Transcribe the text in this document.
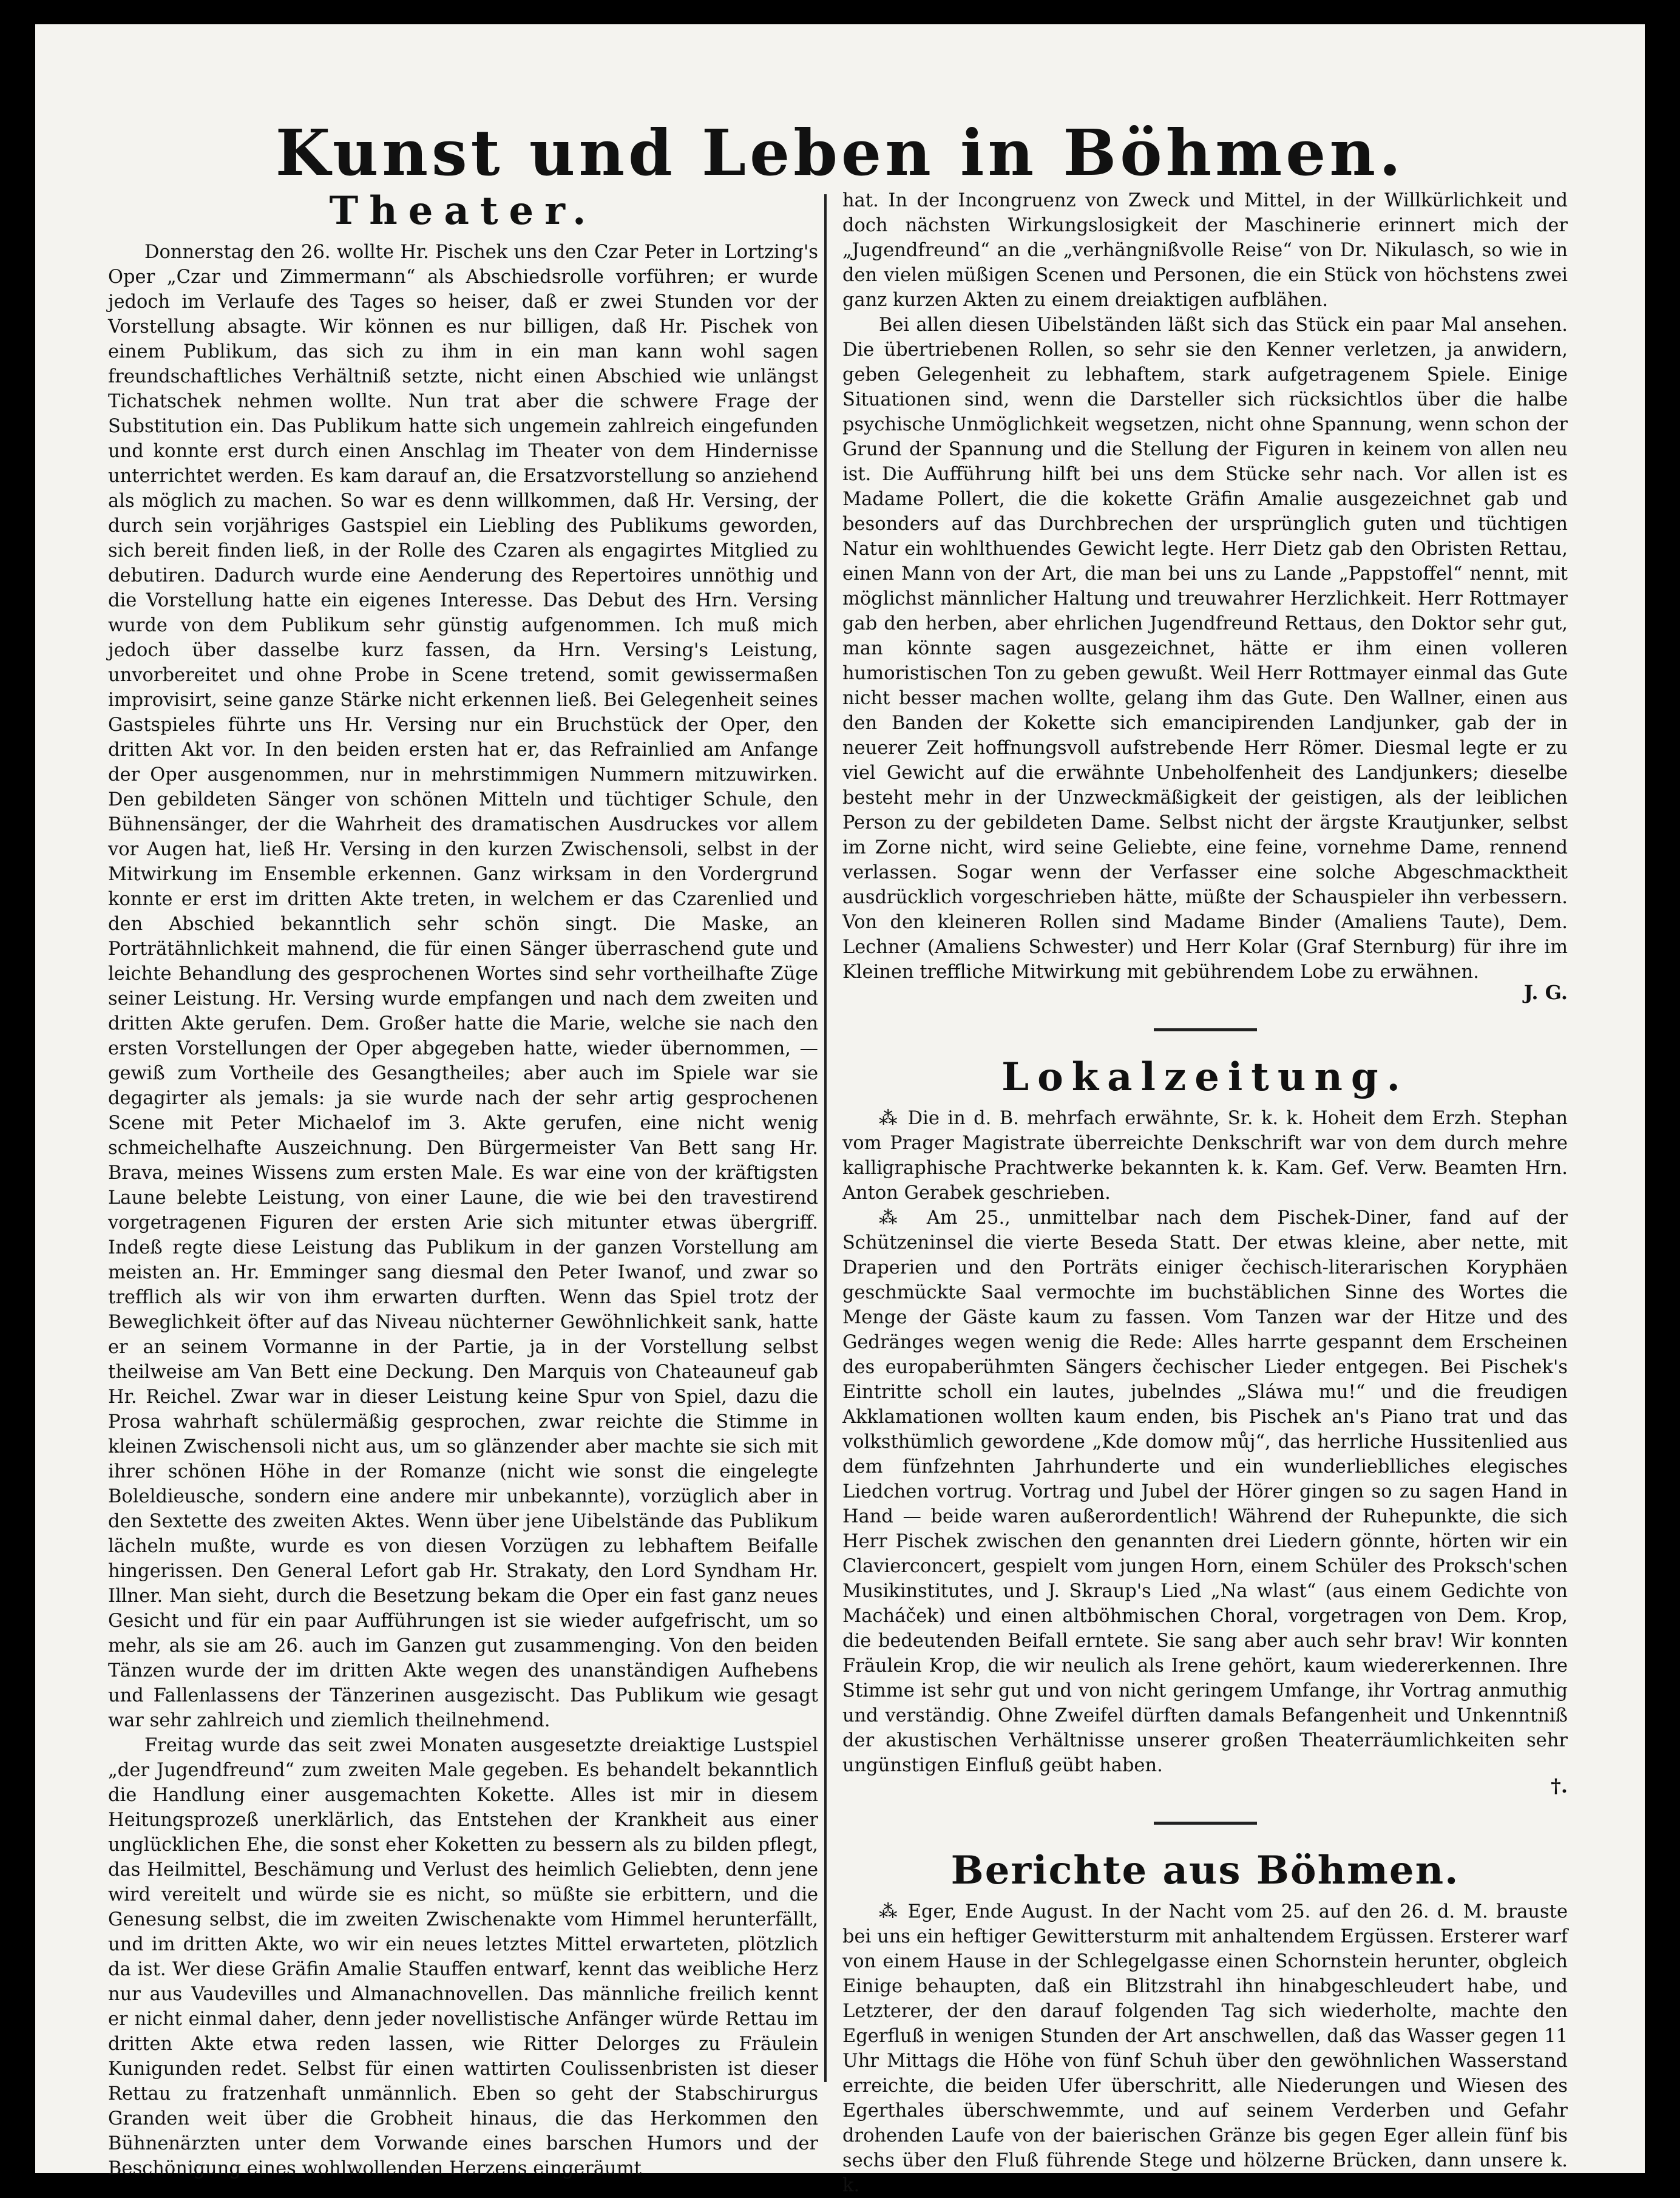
Kunst und Leben in Böhmen.
Theater.

Donnerstag den 26. wollte Hr. Pischek uns den Czar Peter in Lortzing's Oper „Czar und Zimmermann“ als Abschiedsrolle vorführen; er wurde jedoch im Verlaufe des Tages so heiser, daß er zwei Stunden vor der Vorstellung absagte. Wir können es nur billigen, daß Hr. Pischek von einem Publikum, das sich zu ihm in ein man kann wohl sagen freundschaftliches Verhältniß setzte, nicht einen Abschied wie unlängst Tichatschek nehmen wollte. Nun trat aber die schwere Frage der Substitution ein. Das Publikum hatte sich ungemein zahlreich eingefunden und konnte erst durch einen Anschlag im Theater von dem Hindernisse unterrichtet werden. Es kam darauf an, die Ersatzvorstellung so anziehend als möglich zu machen. So war es denn willkommen, daß Hr. Versing, der durch sein vorjähriges Gastspiel ein Liebling des Publikums geworden, sich bereit finden ließ, in der Rolle des Czaren als engagirtes Mitglied zu debutiren. Dadurch wurde eine Aenderung des Repertoires unnöthig und die Vorstellung hatte ein eigenes Interesse. Das Debut des Hrn. Versing wurde von dem Publikum sehr günstig aufgenommen. Ich muß mich jedoch über dasselbe kurz fassen, da Hrn. Versing's Leistung, unvorbereitet und ohne Probe in Scene tretend, somit gewissermaßen improvisirt, seine ganze Stärke nicht erkennen ließ. Bei Gelegenheit seines Gastspieles führte uns Hr. Versing nur ein Bruchstück der Oper, den dritten Akt vor. In den beiden ersten hat er, das Refrainlied am Anfange der Oper ausgenommen, nur in mehrstimmigen Nummern mitzuwirken. Den gebildeten Sänger von schönen Mitteln und tüchtiger Schule, den Bühnensänger, der die Wahrheit des dramatischen Ausdruckes vor allem vor Augen hat, ließ Hr. Versing in den kurzen Zwischensoli, selbst in der Mitwirkung im Ensemble erkennen. Ganz wirksam in den Vordergrund konnte er erst im dritten Akte treten, in welchem er das Czarenlied und den Abschied bekanntlich sehr schön singt. Die Maske, an Porträtähnlichkeit mahnend, die für einen Sänger überraschend gute und leichte Behandlung des gesprochenen Wortes sind sehr vortheilhafte Züge seiner Leistung. Hr. Versing wurde empfangen und nach dem zweiten und dritten Akte gerufen. Dem. Großer hatte die Marie, welche sie nach den ersten Vorstellungen der Oper abgegeben hatte, wieder übernommen, — gewiß zum Vortheile des Gesangtheiles; aber auch im Spiele war sie degagirter als jemals: ja sie wurde nach der sehr artig gesprochenen Scene mit Peter Michaelof im 3. Akte gerufen, eine nicht wenig schmeichelhafte Auszeichnung. Den Bürgermeister Van Bett sang Hr. Brava, meines Wissens zum ersten Male. Es war eine von der kräftigsten Laune belebte Leistung, von einer Laune, die wie bei den travestirend vorgetragenen Figuren der ersten Arie sich mitunter etwas übergriff. Indeß regte diese Leistung das Publikum in der ganzen Vorstellung am meisten an. Hr. Emminger sang diesmal den Peter Iwanof, und zwar so trefflich als wir von ihm erwarten durften. Wenn das Spiel trotz der Beweglichkeit öfter auf das Niveau nüchterner Gewöhnlichkeit sank, hatte er an seinem Vormanne in der Partie, ja in der Vorstellung selbst theilweise am Van Bett eine Deckung. Den Marquis von Chateauneuf gab Hr. Reichel. Zwar war in dieser Leistung keine Spur von Spiel, dazu die Prosa wahrhaft schülermäßig gesprochen, zwar reichte die Stimme in kleinen Zwischensoli nicht aus, um so glänzender aber machte sie sich mit ihrer schönen Höhe in der Romanze (nicht wie sonst die eingelegte Boleldieusche, sondern eine andere mir unbekannte), vorzüglich aber in den Sextette des zweiten Aktes. Wenn über jene Uibelstände das Publikum lächeln mußte, wurde es von diesen Vorzügen zu lebhaftem Beifalle hingerissen. Den General Lefort gab Hr. Strakaty, den Lord Syndham Hr. Illner. Man sieht, durch die Besetzung bekam die Oper ein fast ganz neues Gesicht und für ein paar Aufführungen ist sie wieder aufgefrischt, um so mehr, als sie am 26. auch im Ganzen gut zusammenging. Von den beiden Tänzen wurde der im dritten Akte wegen des unanständigen Aufhebens und Fallenlassens der Tänzerinen ausgezischt. Das Publikum wie gesagt war sehr zahlreich und ziemlich theilnehmend.

Freitag wurde das seit zwei Monaten ausgesetzte dreiaktige Lustspiel „der Jugendfreund“ zum zweiten Male gegeben. Es behandelt bekanntlich die Handlung einer ausgemachten Kokette. Alles ist mir in diesem Heitungsprozeß unerklärlich, das Entstehen der Krankheit aus einer unglücklichen Ehe, die sonst eher Koketten zu bessern als zu bilden pflegt, das Heilmittel, Beschämung und Verlust des heimlich Geliebten, denn jene wird vereitelt und würde sie es nicht, so müßte sie erbittern, und die Genesung selbst, die im zweiten Zwischenakte vom Himmel herunterfällt, und im dritten Akte, wo wir ein neues letztes Mittel erwarteten, plötzlich da ist. Wer diese Gräfin Amalie Stauffen entwarf, kennt das weibliche Herz nur aus Vaudevilles und Almanachnovellen. Das männliche freilich kennt er nicht einmal daher, denn jeder novellistische Anfänger würde Rettau im dritten Akte etwa reden lassen, wie Ritter Delorges zu Fräulein Kunigunden redet. Selbst für einen wattirten Coulissenbristen ist dieser Rettau zu fratzenhaft unmännlich. Eben so geht der Stabschirurgus Granden weit über die Grobheit hinaus, die das Herkommen den Bühnenärzten unter dem Vorwande eines barschen Humors und der Beschönigung eines wohlwollenden Herzens eingeräumt

hat. In der Incongruenz von Zweck und Mittel, in der Willkürlichkeit und doch nächsten Wirkungslosigkeit der Maschinerie erinnert mich der „Jugendfreund“ an die „verhängnißvolle Reise“ von Dr. Nikulasch, so wie in den vielen müßigen Scenen und Personen, die ein Stück von höchstens zwei ganz kurzen Akten zu einem dreiaktigen aufblähen.

Bei allen diesen Uibelständen läßt sich das Stück ein paar Mal ansehen. Die übertriebenen Rollen, so sehr sie den Kenner verletzen, ja anwidern, geben Gelegenheit zu lebhaftem, stark aufgetragenem Spiele. Einige Situationen sind, wenn die Darsteller sich rücksichtlos über die halbe psychische Unmöglichkeit wegsetzen, nicht ohne Spannung, wenn schon der Grund der Spannung und die Stellung der Figuren in keinem von allen neu ist. Die Aufführung hilft bei uns dem Stücke sehr nach. Vor allen ist es Madame Pollert, die die kokette Gräfin Amalie ausgezeichnet gab und besonders auf das Durchbrechen der ursprünglich guten und tüchtigen Natur ein wohlthuendes Gewicht legte. Herr Dietz gab den Obristen Rettau, einen Mann von der Art, die man bei uns zu Lande „Pappstoffel“ nennt, mit möglichst männlicher Haltung und treuwahrer Herzlichkeit. Herr Rottmayer gab den herben, aber ehrlichen Jugendfreund Rettaus, den Doktor sehr gut, man könnte sagen ausgezeichnet, hätte er ihm einen volleren humoristischen Ton zu geben gewußt. Weil Herr Rottmayer einmal das Gute nicht besser machen wollte, gelang ihm das Gute. Den Wallner, einen aus den Banden der Kokette sich emancipirenden Landjunker, gab der in neuerer Zeit hoffnungsvoll aufstrebende Herr Römer. Diesmal legte er zu viel Gewicht auf die erwähnte Unbeholfenheit des Landjunkers; dieselbe besteht mehr in der Unzweckmäßigkeit der geistigen, als der leiblichen Person zu der gebildeten Dame. Selbst nicht der ärgste Krautjunker, selbst im Zorne nicht, wird seine Geliebte, eine feine, vornehme Dame, rennend verlassen. Sogar wenn der Verfasser eine solche Abgeschmacktheit ausdrücklich vorgeschrieben hätte, müßte der Schauspieler ihn verbessern. Von den kleineren Rollen sind Madame Binder (Amaliens Taute), Dem. Lechner (Amaliens Schwester) und Herr Kolar (Graf Sternburg) für ihre im Kleinen treffliche Mitwirkung mit gebührendem Lobe zu erwähnen.

J. G.
Lokalzeitung.

⁂ Die in d. B. mehrfach erwähnte, Sr. k. k. Hoheit dem Erzh. Stephan vom Prager Magistrate überreichte Denkschrift war von dem durch mehre kalligraphische Prachtwerke bekannten k. k. Kam. Gef. Verw. Beamten Hrn. Anton Gerabek geschrieben.

⁂ Am 25., unmittelbar nach dem Pischek-Diner, fand auf der Schützeninsel die vierte Beseda Statt. Der etwas kleine, aber nette, mit Draperien und den Porträts einiger čechisch-literarischen Koryphäen geschmückte Saal vermochte im buchstäblichen Sinne des Wortes die Menge der Gäste kaum zu fassen. Vom Tanzen war der Hitze und des Gedränges wegen wenig die Rede: Alles harrte gespannt dem Erscheinen des europaberühmten Sängers čechischer Lieder entgegen. Bei Pischek's Eintritte scholl ein lautes, jubelndes „Sláwa mu!“ und die freudigen Akklamationen wollten kaum enden, bis Pischek an's Piano trat und das volksthümlich gewordene „Kde domow můj“, das herrliche Hussitenlied aus dem fünfzehnten Jahrhunderte und ein wunderlieblliches elegisches Liedchen vortrug. Vortrag und Jubel der Hörer gingen so zu sagen Hand in Hand — beide waren außerordentlich! Während der Ruhepunkte, die sich Herr Pischek zwischen den genannten drei Liedern gönnte, hörten wir ein Clavierconcert, gespielt vom jungen Horn, einem Schüler des Proksch'schen Musikinstitutes, und J. Skraup's Lied „Na wlast“ (aus einem Gedichte von Macháček) und einen altböhmischen Choral, vorgetragen von Dem. Krop, die bedeutenden Beifall erntete. Sie sang aber auch sehr brav! Wir konnten Fräulein Krop, die wir neulich als Irene gehört, kaum wiedererkennen. Ihre Stimme ist sehr gut und von nicht geringem Umfange, ihr Vortrag anmuthig und verständig. Ohne Zweifel dürften damals Befangenheit und Unkenntniß der akustischen Verhältnisse unserer großen Theaterräumlichkeiten sehr ungünstigen Einfluß geübt haben.

†.
Berichte aus Böhmen.

⁂ Eger, Ende August. In der Nacht vom 25. auf den 26. d. M. brauste bei uns ein heftiger Gewittersturm mit anhaltendem Ergüssen. Ersterer warf von einem Hause in der Schlegelgasse einen Schornstein herunter, obgleich Einige behaupten, daß ein Blitzstrahl ihn hinabgeschleudert habe, und Letzterer, der den darauf folgenden Tag sich wiederholte, machte den Egerfluß in wenigen Stunden der Art anschwellen, daß das Wasser gegen 11 Uhr Mittags die Höhe von fünf Schuh über den gewöhnlichen Wasserstand erreichte, die beiden Ufer überschritt, alle Niederungen und Wiesen des Egerthales überschwemmte, und auf seinem Verderben und Gefahr drohenden Laufe von der baierischen Gränze bis gegen Eger allein fünf bis sechs über den Fluß führende Stege und hölzerne Brücken, dann unsere k. k.
